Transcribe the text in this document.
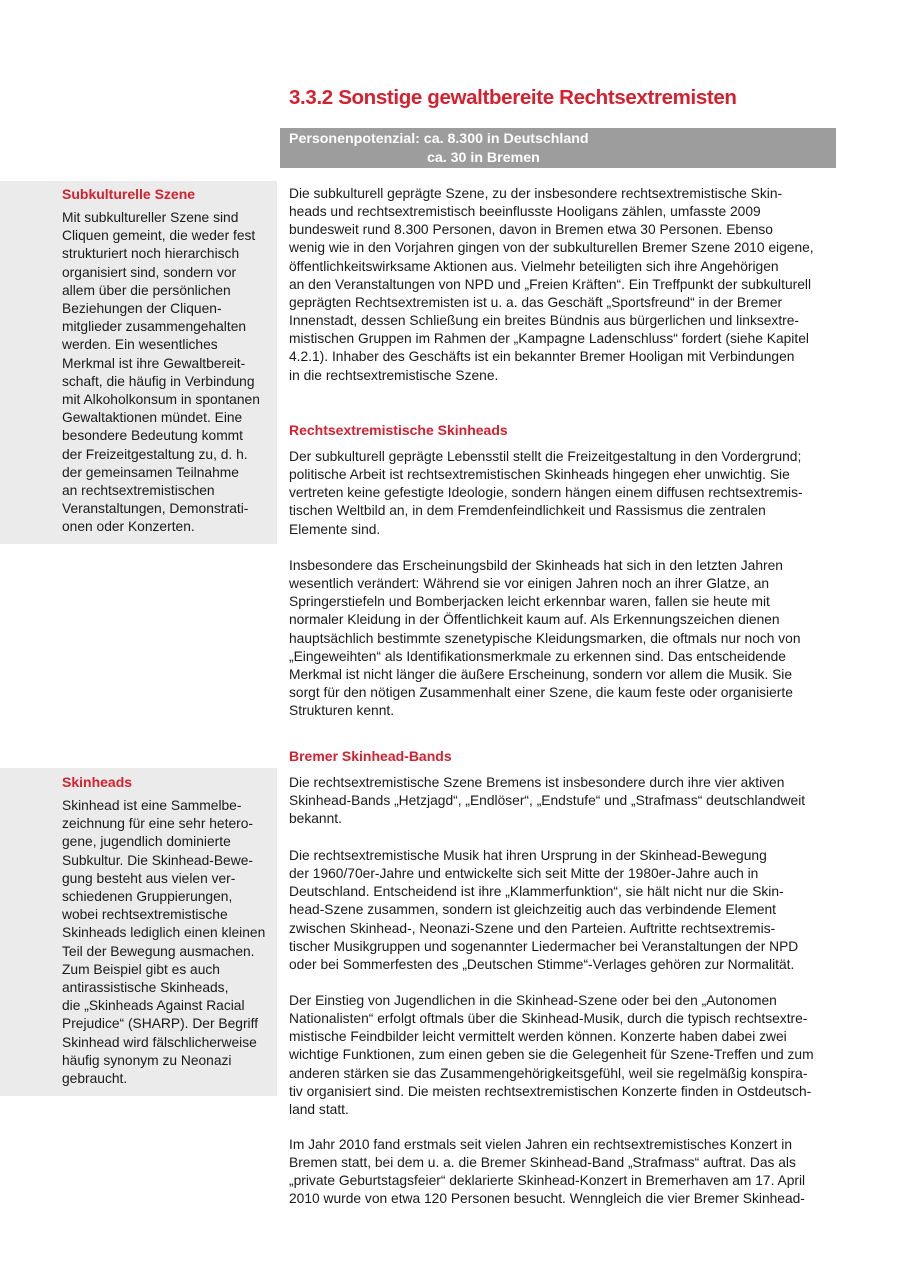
3.3.2 Sonstige gewaltbereite Rechtsextremisten
Personenpotenzial: ca. 8.300 in Deutschland
ca. 30 in Bremen
Subkulturelle Szene

Mit subkultureller Szene sind
Cliquen gemeint, die weder fest
strukturiert noch hierarchisch
organisiert sind, sondern vor
allem über die persönlichen
Beziehungen der Cliquen-
mitglieder zusammengehalten
werden. Ein wesentliches
Merkmal ist ihre Gewaltbereit-
schaft, die häufig in Verbindung
mit Alkoholkonsum in spontanen
Gewaltaktionen mündet. Eine
besondere Bedeutung kommt
der Freizeitgestaltung zu, d. h.
der gemeinsamen Teilnahme
an rechtsextremistischen
Veranstaltungen, Demonstrati-
onen oder Konzerten.

Skinheads

Skinhead ist eine Sammelbe-
zeichnung für eine sehr hetero-
gene, jugendlich dominierte
Subkultur. Die Skinhead-Bewe-
gung besteht aus vielen ver-
schiedenen Gruppierungen,
wobei rechtsextremistische
Skinheads lediglich einen kleinen
Teil der Bewegung ausmachen.
Zum Beispiel gibt es auch
antirassistische Skinheads,
die „Skinheads Against Racial
Prejudice“ (SHARP). Der Begriff
Skinhead wird fälschlicherweise
häufig synonym zu Neonazi
gebraucht.

Die subkulturell geprägte Szene, zu der insbesondere rechtsextremistische Skin-
heads und rechtsextremistisch beeinflusste Hooligans zählen, umfasste 2009
bundesweit rund 8.300 Personen, davon in Bremen etwa 30 Personen. Ebenso
wenig wie in den Vorjahren gingen von der subkulturellen Bremer Szene 2010 eigene,
öffentlichkeitswirksame Aktionen aus. Vielmehr beteiligten sich ihre Angehörigen
an den Veranstaltungen von NPD und „Freien Kräften“. Ein Treffpunkt der subkulturell
geprägten Rechtsextremisten ist u. a. das Geschäft „Sportsfreund“ in der Bremer
Innenstadt, dessen Schließung ein breites Bündnis aus bürgerlichen und linksextre-
mistischen Gruppen im Rahmen der „Kampagne Ladenschluss“ fordert (siehe Kapitel
4.2.1). Inhaber des Geschäfts ist ein bekannter Bremer Hooligan mit Verbindungen
in die rechtsextremistische Szene.

Rechtsextremistische Skinheads

Der subkulturell geprägte Lebensstil stellt die Freizeitgestaltung in den Vordergrund;
politische Arbeit ist rechtsextremistischen Skinheads hingegen eher unwichtig. Sie
vertreten keine gefestigte Ideologie, sondern hängen einem diffusen rechtsextremis-
tischen Weltbild an, in dem Fremdenfeindlichkeit und Rassismus die zentralen
Elemente sind.

Insbesondere das Erscheinungsbild der Skinheads hat sich in den letzten Jahren
wesentlich verändert: Während sie vor einigen Jahren noch an ihrer Glatze, an
Springerstiefeln und Bomberjacken leicht erkennbar waren, fallen sie heute mit
normaler Kleidung in der Öffentlichkeit kaum auf. Als Erkennungszeichen dienen
hauptsächlich bestimmte szenetypische Kleidungsmarken, die oftmals nur noch von
„Eingeweihten“ als Identifikationsmerkmale zu erkennen sind. Das entscheidende
Merkmal ist nicht länger die äußere Erscheinung, sondern vor allem die Musik. Sie
sorgt für den nötigen Zusammenhalt einer Szene, die kaum feste oder organisierte
Strukturen kennt.

Bremer Skinhead-Bands

Die rechtsextremistische Szene Bremens ist insbesondere durch ihre vier aktiven
Skinhead-Bands „Hetzjagd“, „Endlöser“, „Endstufe“ und „Strafmass“ deutschlandweit
bekannt.

Die rechtsextremistische Musik hat ihren Ursprung in der Skinhead-Bewegung
der 1960/70er-Jahre und entwickelte sich seit Mitte der 1980er-Jahre auch in
Deutschland. Entscheidend ist ihre „Klammerfunktion“, sie hält nicht nur die Skin-
head-Szene zusammen, sondern ist gleichzeitig auch das verbindende Element
zwischen Skinhead-, Neonazi-Szene und den Parteien. Auftritte rechtsextremis-
tischer Musikgruppen und sogenannter Liedermacher bei Veranstaltungen der NPD
oder bei Sommerfesten des „Deutschen Stimme“-Verlages gehören zur Normalität.

Der Einstieg von Jugendlichen in die Skinhead-Szene oder bei den „Autonomen
Nationalisten“ erfolgt oftmals über die Skinhead-Musik, durch die typisch rechtsextre-
mistische Feindbilder leicht vermittelt werden können. Konzerte haben dabei zwei
wichtige Funktionen, zum einen geben sie die Gelegenheit für Szene-Treffen und zum
anderen stärken sie das Zusammengehörigkeitsgefühl, weil sie regelmäßig konspira-
tiv organisiert sind. Die meisten rechtsextremistischen Konzerte finden in Ostdeutsch-
land statt.

Im Jahr 2010 fand erstmals seit vielen Jahren ein rechtsextremistisches Konzert in
Bremen statt, bei dem u. a. die Bremer Skinhead-Band „Strafmass“ auftrat. Das als
„private Geburtstagsfeier“ deklarierte Skinhead-Konzert in Bremerhaven am 17. April
2010 wurde von etwa 120 Personen besucht. Wenngleich die vier Bremer Skinhead-
